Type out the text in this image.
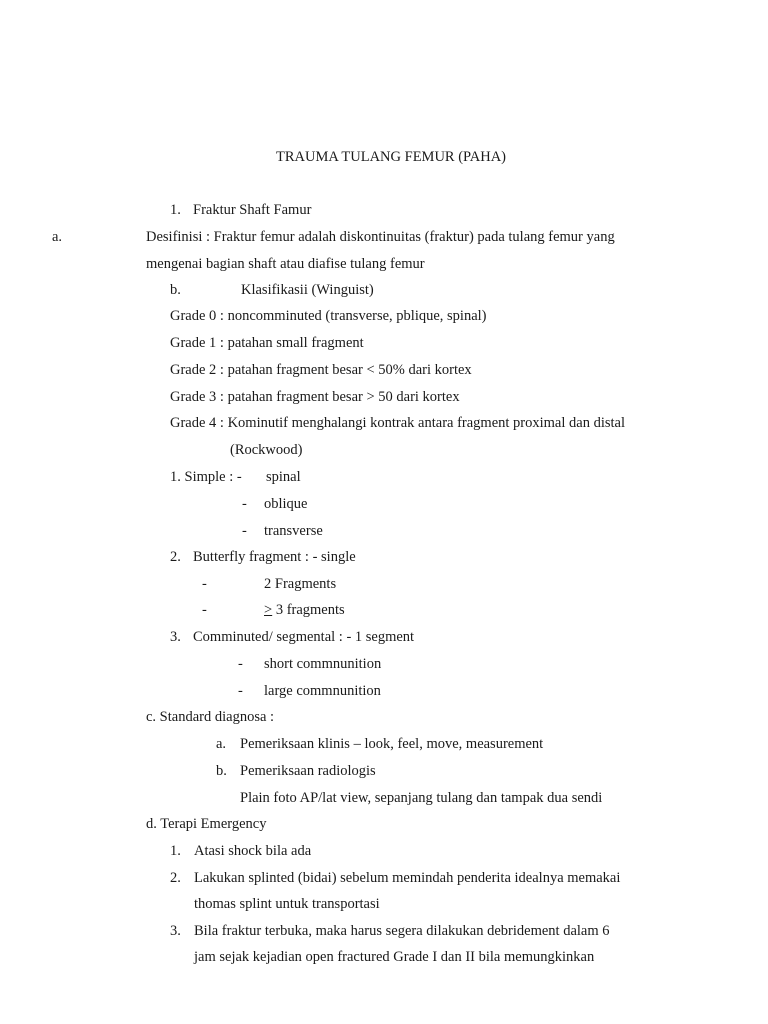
TRAUMA TULANG FEMUR (PAHA)
1. Fraktur Shaft Famur
a.	Desifinisi : Fraktur femur adalah diskontinuitas (fraktur) pada tulang femur yang
mengenai bagian shaft atau diafise tulang femur
b.	Klasifikasii (Winguist)
Grade 0 : noncomminuted (transverse, pblique, spinal)
Grade 1 : patahan small fragment
Grade 2 : patahan fragment besar < 50% dari kortex
Grade 3 : patahan fragment besar > 50 dari kortex
Grade 4 : Kominutif menghalangi kontrak antara fragment proximal dan distal
(Rockwood)
1. Simple : - spinal
- oblique
- transverse
2. Butterfly fragment : - single
-	2 Fragments
-	≥ 3 fragments
3. Comminuted/ segmental : - 1 segment
- short commnunition
- large commnunition
c. Standard diagnosa :
a. Pemeriksaan klinis – look, feel, move, measurement
b. Pemeriksaan radiologis
Plain foto AP/lat view, sepanjang tulang dan tampak dua sendi
d. Terapi Emergency
1. Atasi shock bila ada
2. Lakukan splinted (bidai) sebelum memindah penderita idealnya memakai
thomas splint untuk transportasi
3. Bila fraktur terbuka, maka harus segera dilakukan debridement dalam 6
jam sejak kejadian open fractured Grade I dan II bila memungkinkan
